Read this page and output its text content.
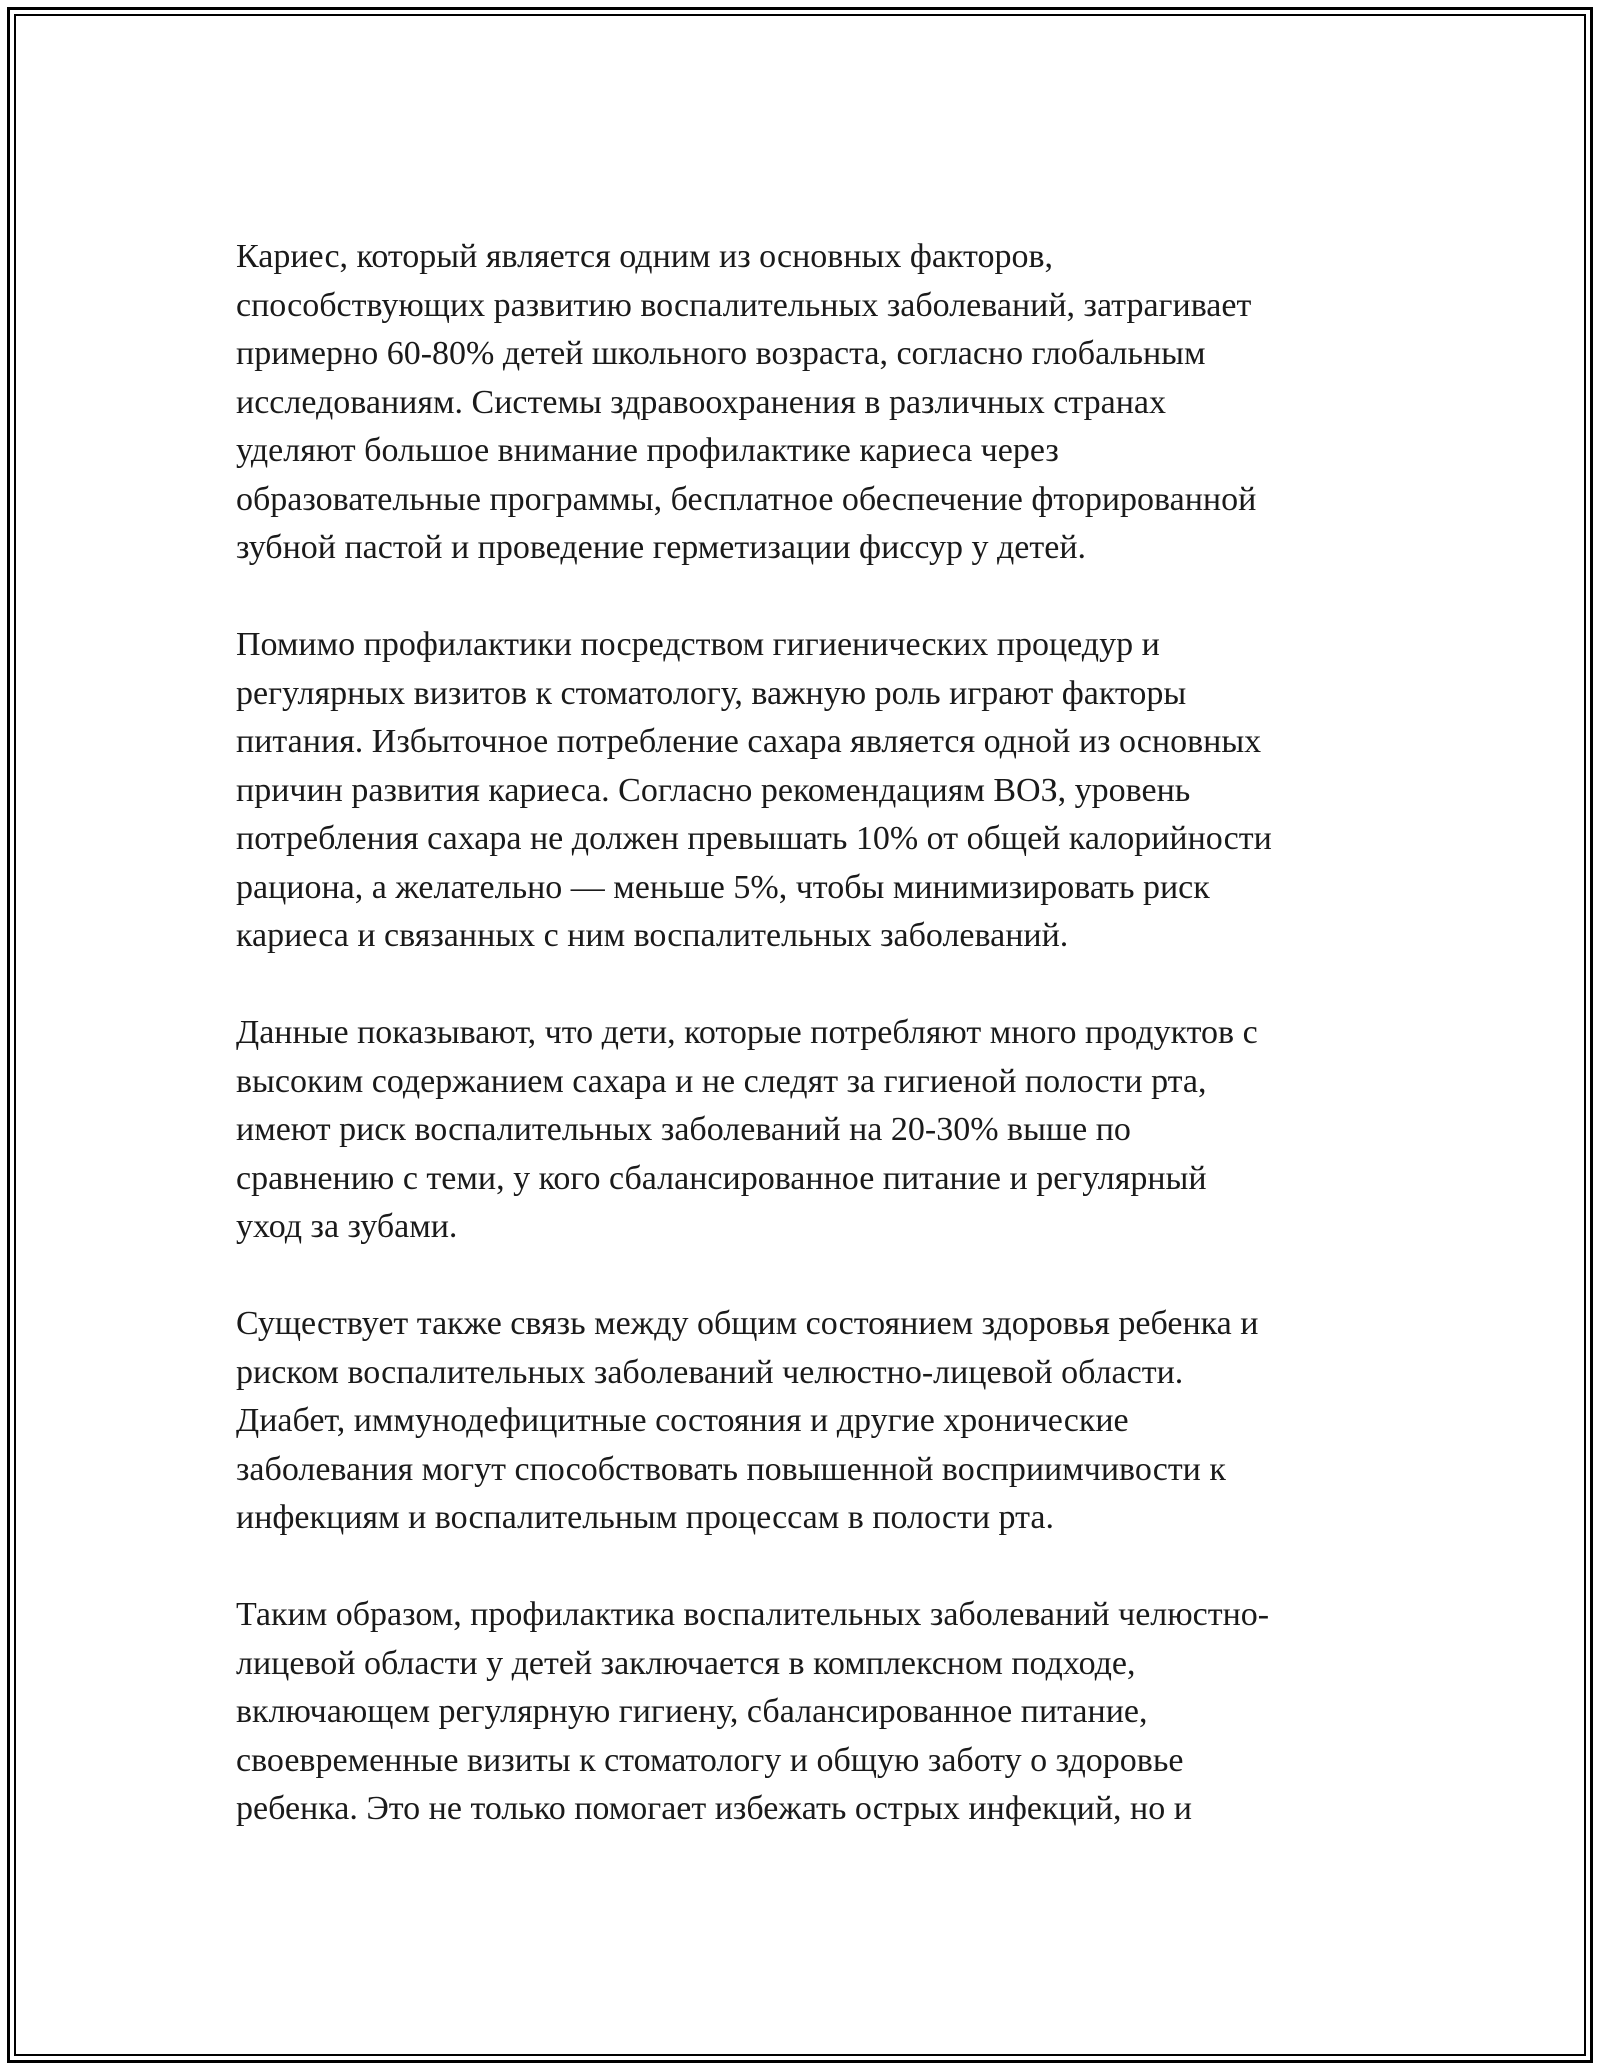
Кариес, который является одним из основных факторов,
способствующих развитию воспалительных заболеваний, затрагивает
примерно 60-80% детей школьного возраста, согласно глобальным
исследованиям. Системы здравоохранения в различных странах
уделяют большое внимание профилактике кариеса через
образовательные программы, бесплатное обеспечение фторированной
зубной пастой и проведение герметизации фиссур у детей.

Помимо профилактики посредством гигиенических процедур и
регулярных визитов к стоматологу, важную роль играют факторы
питания. Избыточное потребление сахара является одной из основных
причин развития кариеса. Согласно рекомендациям ВОЗ, уровень
потребления сахара не должен превышать 10% от общей калорийности
рациона, а желательно — меньше 5%, чтобы минимизировать риск
кариеса и связанных с ним воспалительных заболеваний.

Данные показывают, что дети, которые потребляют много продуктов с
высоким содержанием сахара и не следят за гигиеной полости рта,
имеют риск воспалительных заболеваний на 20-30% выше по
сравнению с теми, у кого сбалансированное питание и регулярный
уход за зубами.

Существует также связь между общим состоянием здоровья ребенка и
риском воспалительных заболеваний челюстно-лицевой области.
Диабет, иммунодефицитные состояния и другие хронические
заболевания могут способствовать повышенной восприимчивости к
инфекциям и воспалительным процессам в полости рта.

Таким образом, профилактика воспалительных заболеваний челюстно-
лицевой области у детей заключается в комплексном подходе,
включающем регулярную гигиену, сбалансированное питание,
своевременные визиты к стоматологу и общую заботу о здоровье
ребенка. Это не только помогает избежать острых инфекций, но и
